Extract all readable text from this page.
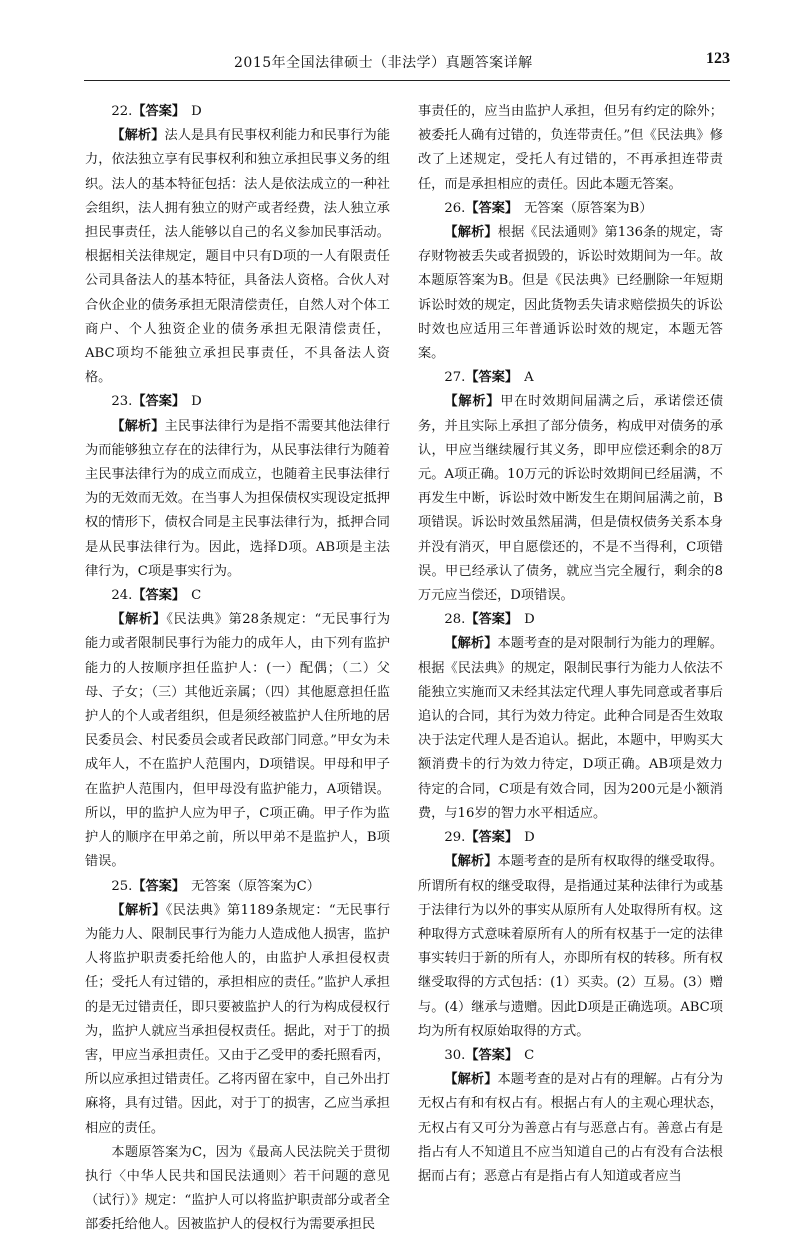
2015年全国法律硕士（非法学）真题答案详解	123

22.【答案】 D

【解析】法人是具有民事权利能力和民事行为能力，依法独立享有民事权利和独立承担民事义务的组织。法人的基本特征包括：法人是依法成立的一种社会组织，法人拥有独立的财产或者经费，法人独立承担民事责任，法人能够以自己的名义参加民事活动。根据相关法律规定，题目中只有D项的一人有限责任公司具备法人的基本特征，具备法人资格。合伙人对合伙企业的债务承担无限清偿责任，自然人对个体工商户、个人独资企业的债务承担无限清偿责任，ABC项均不能独立承担民事责任，不具备法人资格。

23.【答案】 D

【解析】主民事法律行为是指不需要其他法律行为而能够独立存在的法律行为，从民事法律行为随着主民事法律行为的成立而成立，也随着主民事法律行为的无效而无效。在当事人为担保债权实现设定抵押权的情形下，债权合同是主民事法律行为，抵押合同是从民事法律行为。因此，选择D项。AB项是主法律行为，C项是事实行为。

24.【答案】 C

【解析】《民法典》第28条规定：“无民事行为能力或者限制民事行为能力的成年人，由下列有监护能力的人按顺序担任监护人：(一）配偶；（二）父母、子女；（三）其他近亲属；（四）其他愿意担任监护人的个人或者组织，但是须经被监护人住所地的居民委员会、村民委员会或者民政部门同意。”甲女为未成年人，不在监护人范围内，D项错误。甲母和甲子在监护人范围内，但甲母没有监护能力，A项错误。所以，甲的监护人应为甲子，C项正确。甲子作为监护人的顺序在甲弟之前，所以甲弟不是监护人，B项错误。

25.【答案】 无答案（原答案为C）

【解析】《民法典》第1189条规定：“无民事行为能力人、限制民事行为能力人造成他人损害，监护人将监护职责委托给他人的，由监护人承担侵权责任；受托人有过错的，承担相应的责任。”监护人承担的是无过错责任，即只要被监护人的行为构成侵权行为，监护人就应当承担侵权责任。据此，对于丁的损害，甲应当承担责任。又由于乙受甲的委托照看丙，所以应承担过错责任。乙将丙留在家中，自己外出打麻将，具有过错。因此，对于丁的损害，乙应当承担相应的责任。

本题原答案为C，因为《最高人民法院关于贯彻执行〈中华人民共和国民法通则〉若干问题的意见（试行）》规定：“监护人可以将监护职责部分或者全部委托给他人。因被监护人的侵权行为需要承担民

事责任的，应当由监护人承担，但另有约定的除外；被委托人确有过错的，负连带责任。”但《民法典》修改了上述规定，受托人有过错的，不再承担连带责任，而是承担相应的责任。因此本题无答案。

26.【答案】 无答案（原答案为B）

【解析】根据《民法通则》第136条的规定，寄存财物被丢失或者损毁的，诉讼时效期间为一年。故本题原答案为B。但是《民法典》已经删除一年短期诉讼时效的规定，因此货物丢失请求赔偿损失的诉讼时效也应适用三年普通诉讼时效的规定，本题无答案。

27.【答案】 A

【解析】甲在时效期间届满之后，承诺偿还债务，并且实际上承担了部分债务，构成甲对债务的承认，甲应当继续履行其义务，即甲应偿还剩余的8万元。A项正确。10万元的诉讼时效期间已经届满，不再发生中断，诉讼时效中断发生在期间届满之前，B项错误。诉讼时效虽然届满，但是债权债务关系本身并没有消灭，甲自愿偿还的，不是不当得利，C项错误。甲已经承认了债务，就应当完全履行，剩余的8万元应当偿还，D项错误。

28.【答案】 D

【解析】本题考查的是对限制行为能力的理解。根据《民法典》的规定，限制民事行为能力人依法不能独立实施而又未经其法定代理人事先同意或者事后追认的合同，其行为效力待定。此种合同是否生效取决于法定代理人是否追认。据此，本题中，甲购买大额消费卡的行为效力待定，D项正确。AB项是效力待定的合同，C项是有效合同，因为200元是小额消费，与16岁的智力水平相适应。

29.【答案】 D

【解析】本题考查的是所有权取得的继受取得。所谓所有权的继受取得，是指通过某种法律行为或基于法律行为以外的事实从原所有人处取得所有权。这种取得方式意味着原所有人的所有权基于一定的法律事实转归于新的所有人，亦即所有权的转移。所有权继受取得的方式包括：(1）买卖。(2）互易。(3）赠与。(4）继承与遗赠。因此D项是正确选项。ABC项均为所有权原始取得的方式。

30.【答案】 C

【解析】本题考查的是对占有的理解。占有分为无权占有和有权占有。根据占有人的主观心理状态，无权占有又可分为善意占有与恶意占有。善意占有是指占有人不知道且不应当知道自己的占有没有合法根据而占有；恶意占有是指占有人知道或者应当
